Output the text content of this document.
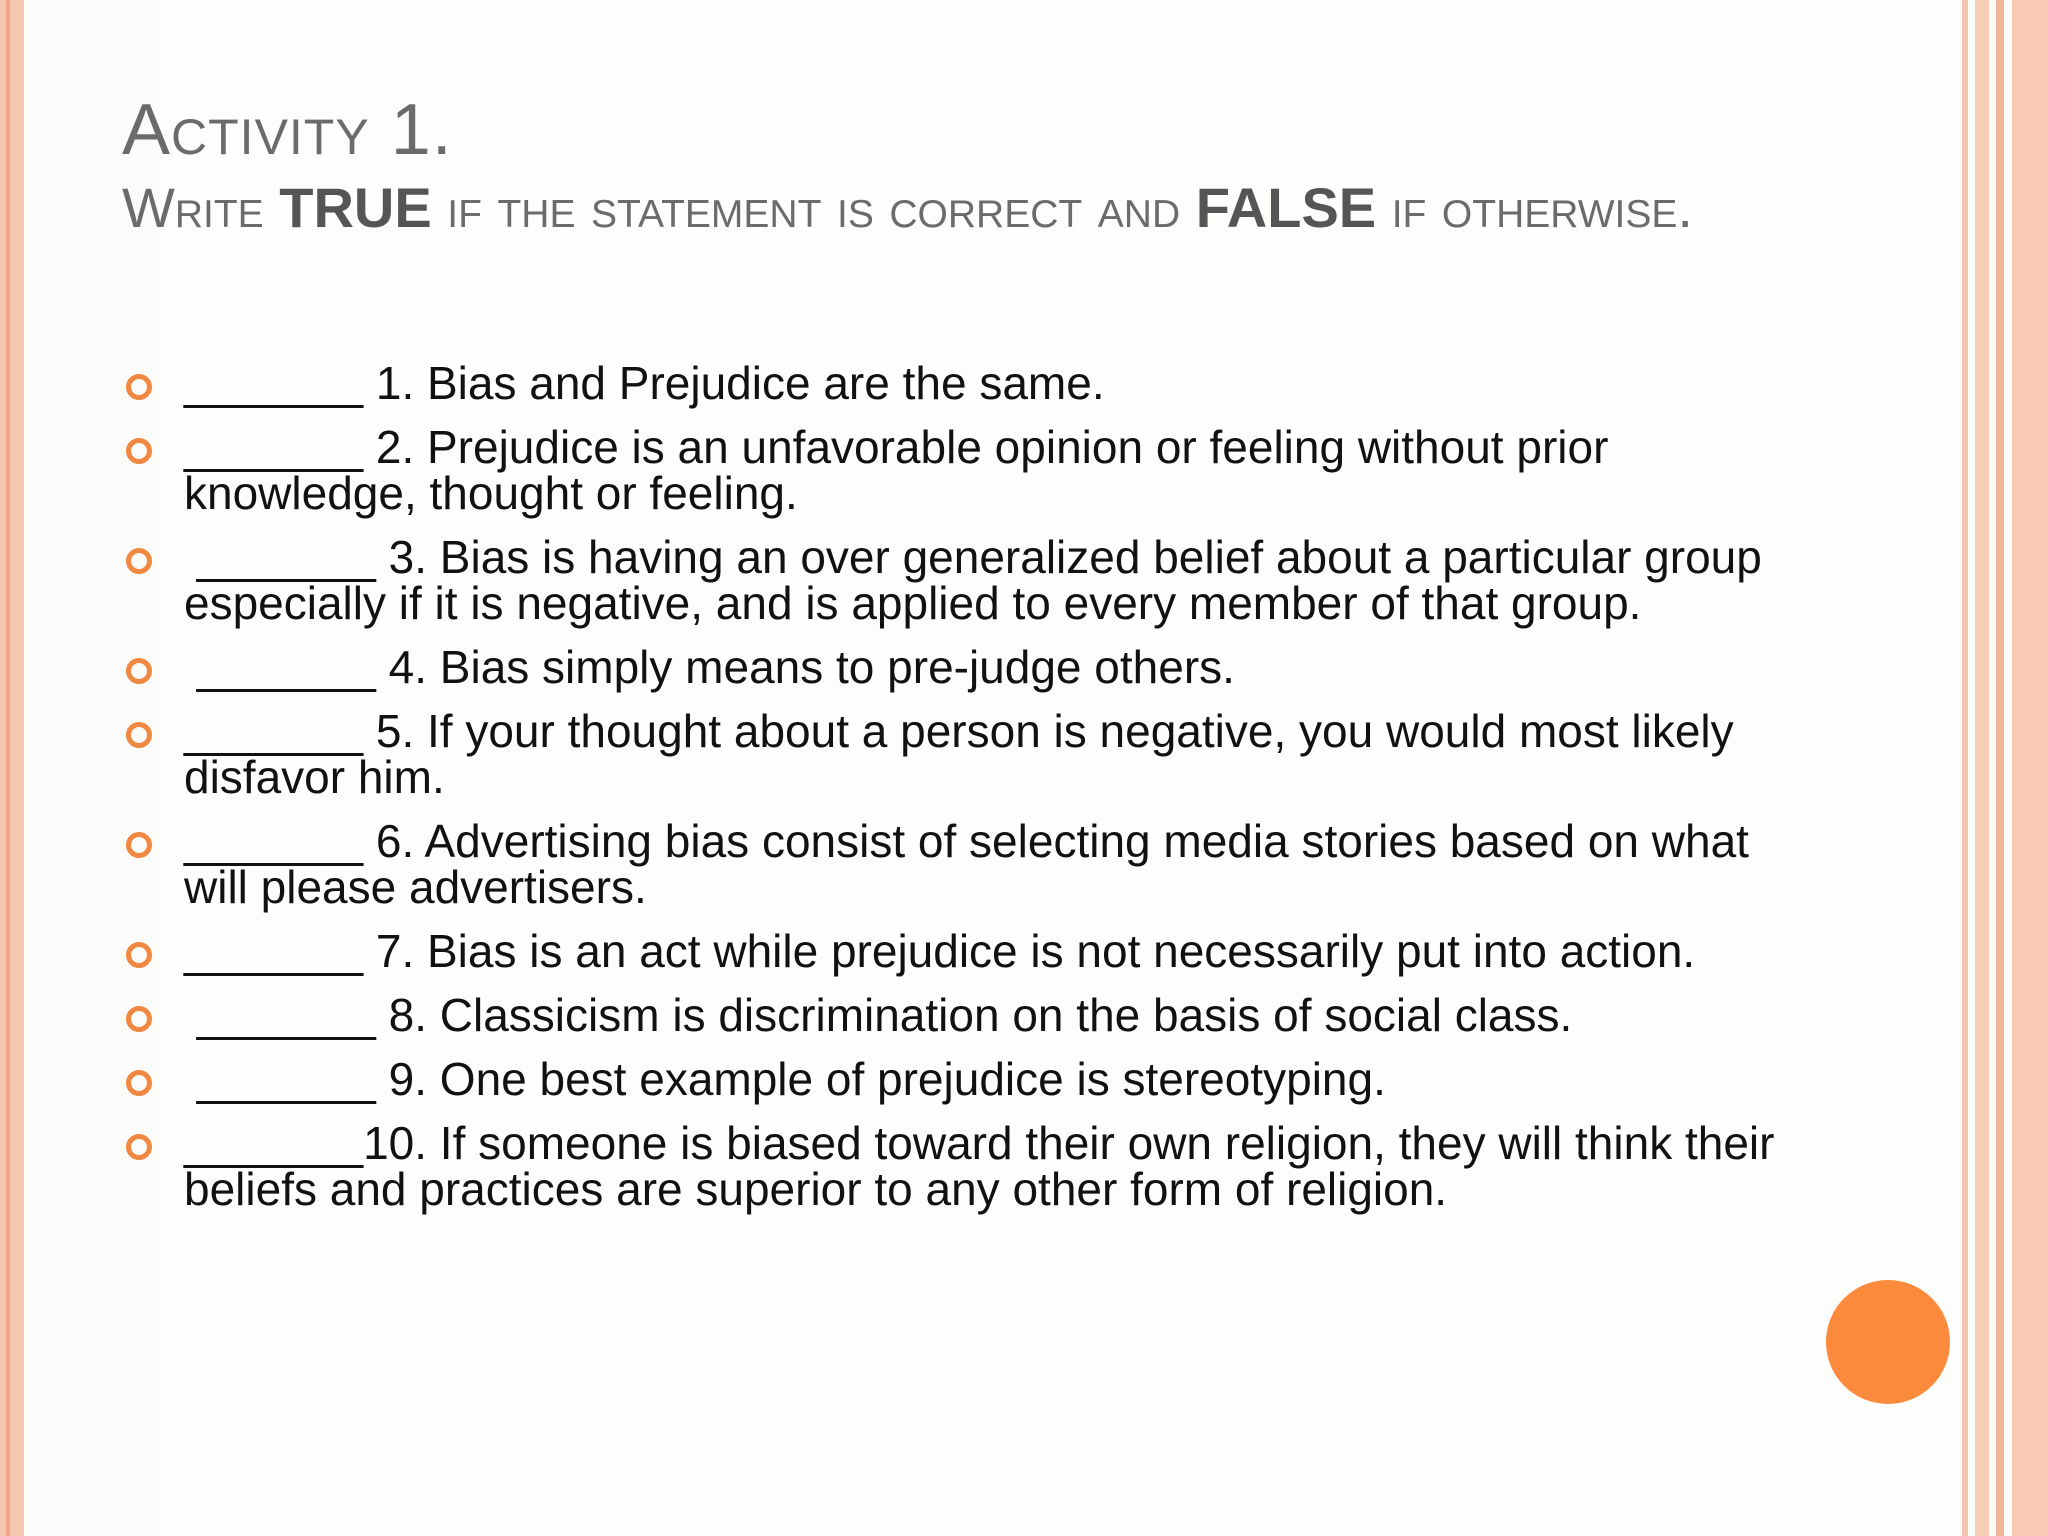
Activity 1.
Write TRUE if the statement is correct and FALSE if otherwise.
_______ 1. Bias and Prejudice are the same.
_______ 2. Prejudice is an unfavorable opinion or feeling without prior knowledge, thought or feeling.
_______ 3. Bias is having an over generalized belief about a particular group especially if it is negative, and is applied to every member of that group.
_______ 4. Bias simply means to pre-judge others.
_______ 5. If your thought about a person is negative, you would most likely disfavor him.
_______ 6. Advertising bias consist of selecting media stories based on what will please advertisers.
_______ 7. Bias is an act while prejudice is not necessarily put into action.
_______ 8. Classicism is discrimination on the basis of social class.
_______ 9. One best example of prejudice is stereotyping.
_______10. If someone is biased toward their own religion, they will think their beliefs and practices are superior to any other form of religion.
